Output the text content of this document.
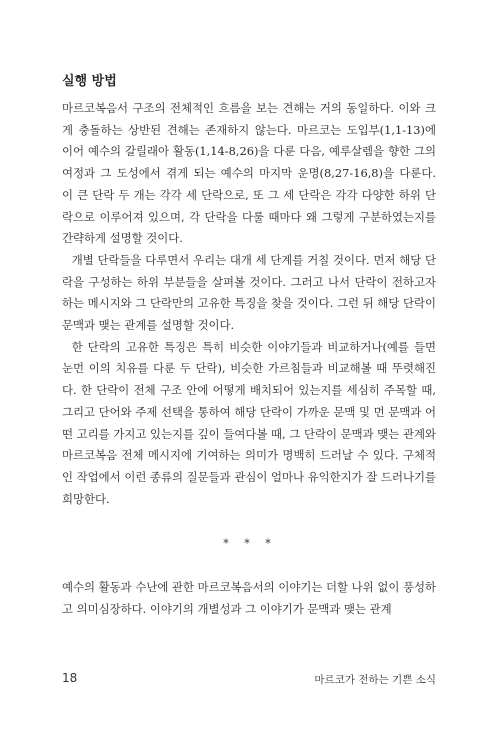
실행 방법

마르코복음서 구조의 전체적인 흐름을 보는 견해는 거의 동일하다. 이와 크게 충돌하는 상반된 견해는 존재하지 않는다. 마르코는 도입부(1,1-13)에 이어 예수의 갈릴래아 활동(1,14-8,26)을 다룬 다음, 예루살렘을 향한 그의 여정과 그 도성에서 겪게 되는 예수의 마지막 운명(8,27-16,8)을 다룬다. 이 큰 단락 두 개는 각각 세 단락으로, 또 그 세 단락은 각각 다양한 하위 단락으로 이루어져 있으며, 각 단락을 다룰 때마다 왜 그렇게 구분하였는지를 간략하게 설명할 것이다.

개별 단락들을 다루면서 우리는 대개 세 단계를 거칠 것이다. 먼저 해당 단락을 구성하는 하위 부분들을 살펴볼 것이다. 그러고 나서 단락이 전하고자 하는 메시지와 그 단락만의 고유한 특징을 찾을 것이다. 그런 뒤 해당 단락이 문맥과 맺는 관계를 설명할 것이다.

한 단락의 고유한 특징은 특히 비슷한 이야기들과 비교하거나(예를 들면 눈먼 이의 치유를 다룬 두 단락), 비슷한 가르침들과 비교해볼 때 뚜렷해진다. 한 단락이 전체 구조 안에 어떻게 배치되어 있는지를 세심히 주목할 때, 그리고 단어와 주제 선택을 통하여 해당 단락이 가까운 문맥 및 먼 문맥과 어떤 고리를 가지고 있는지를 깊이 들여다볼 때, 그 단락이 문맥과 맺는 관계와 마르코복음 전체 메시지에 기여하는 의미가 명백히 드러날 수 있다. 구체적인 작업에서 이런 종류의 질문들과 관심이 얼마나 유익한지가 잘 드러나기를 희망한다.

* * *

예수의 활동과 수난에 관한 마르코복음서의 이야기는 더할 나위 없이 풍성하고 의미심장하다. 이야기의 개별성과 그 이야기가 문맥과 맺는 관계

18	마르코가 전하는 기쁜 소식
